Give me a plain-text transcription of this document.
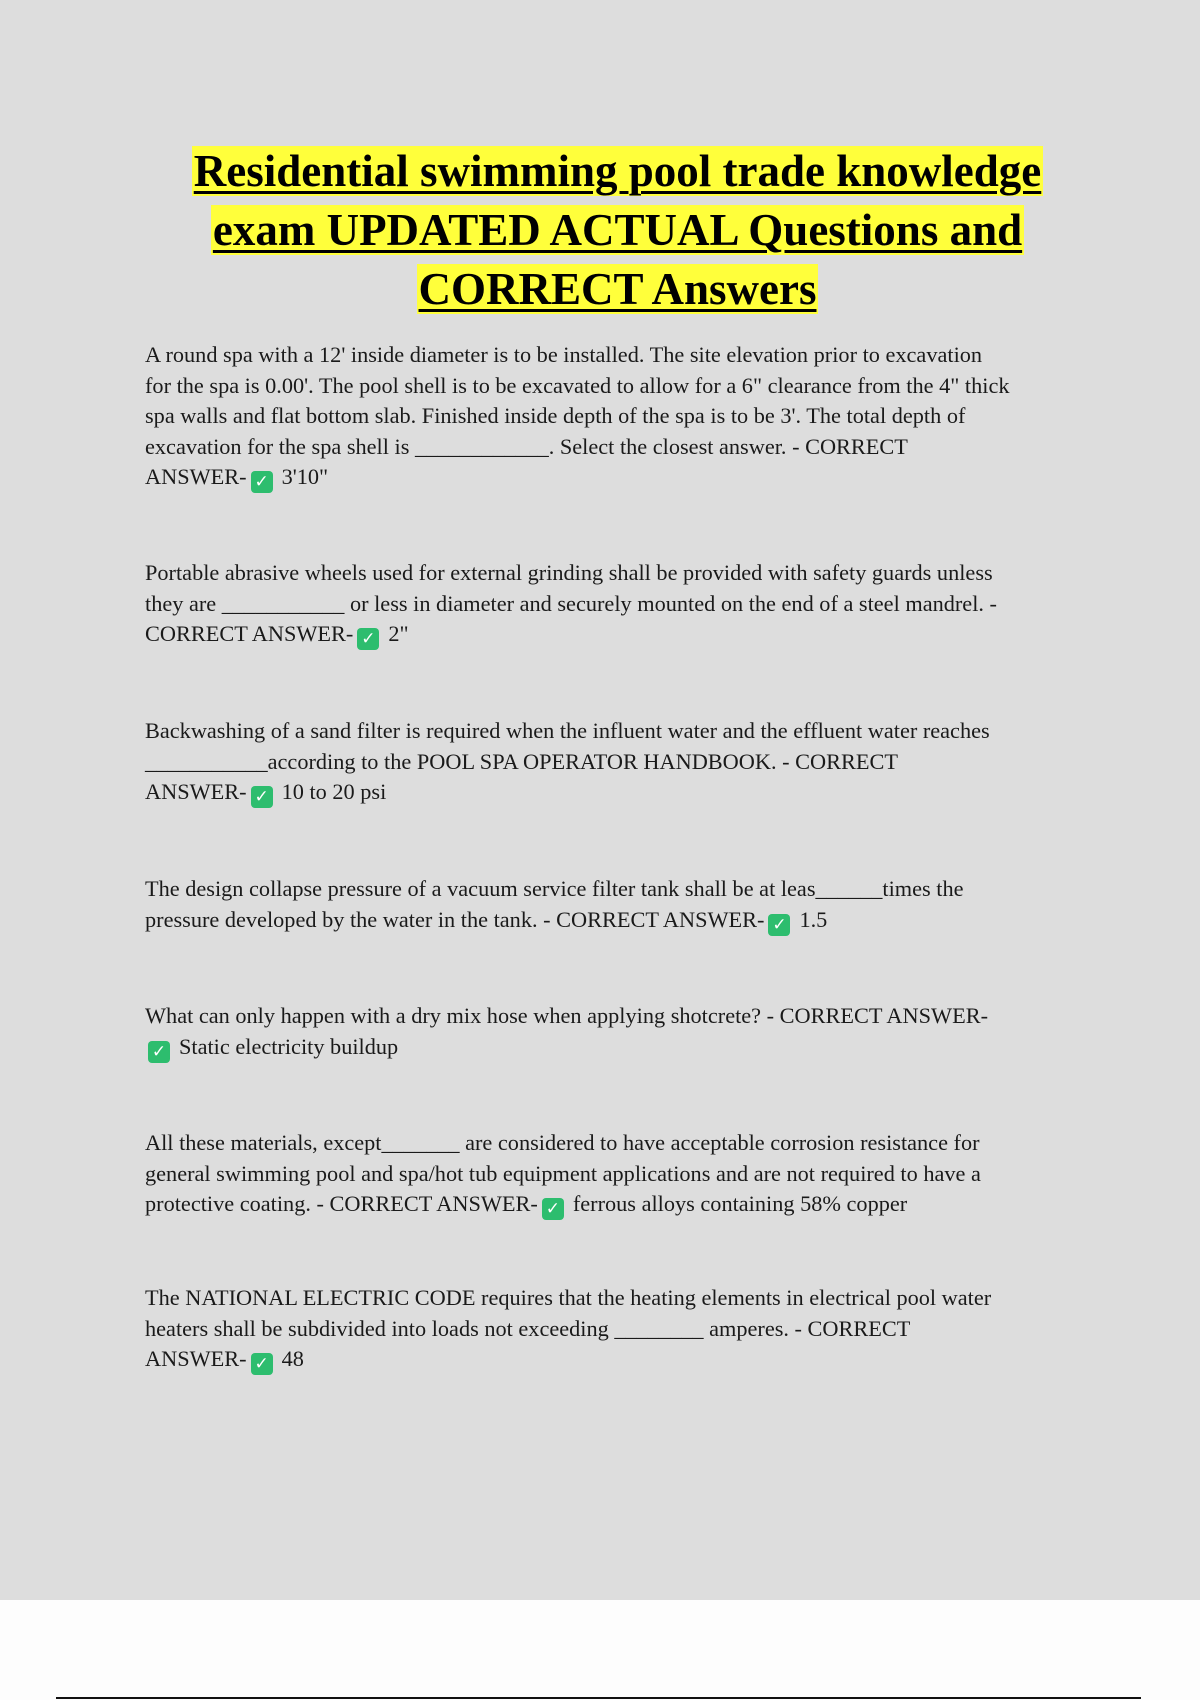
Residential swimming pool trade knowledge
exam UPDATED ACTUAL Questions and
CORRECT Answers
A round spa with a 12' inside diameter is to be installed. The site elevation prior to excavation
for the spa is 0.00'. The pool shell is to be excavated to allow for a 6" clearance from the 4" thick
spa walls and flat bottom slab. Finished inside depth of the spa is to be 3'. The total depth of
excavation for the spa shell is ____________. Select the closest answer. - CORRECT
ANSWER- ✓ 3'10"
Portable abrasive wheels used for external grinding shall be provided with safety guards unless
they are ___________ or less in diameter and securely mounted on the end of a steel mandrel. -
CORRECT ANSWER- ✓ 2"
Backwashing of a sand filter is required when the influent water and the effluent water reaches
___________according to the POOL SPA OPERATOR HANDBOOK. - CORRECT
ANSWER- ✓ 10 to 20 psi
The design collapse pressure of a vacuum service filter tank shall be at leas______times the
pressure developed by the water in the tank. - CORRECT ANSWER- ✓ 1.5
What can only happen with a dry mix hose when applying shotcrete? - CORRECT ANSWER-
✓ Static electricity buildup
All these materials, except_______ are considered to have acceptable corrosion resistance for
general swimming pool and spa/hot tub equipment applications and are not required to have a
protective coating. - CORRECT ANSWER- ✓ ferrous alloys containing 58% copper
The NATIONAL ELECTRIC CODE requires that the heating elements in electrical pool water
heaters shall be subdivided into loads not exceeding ________ amperes. - CORRECT
ANSWER- ✓ 48
